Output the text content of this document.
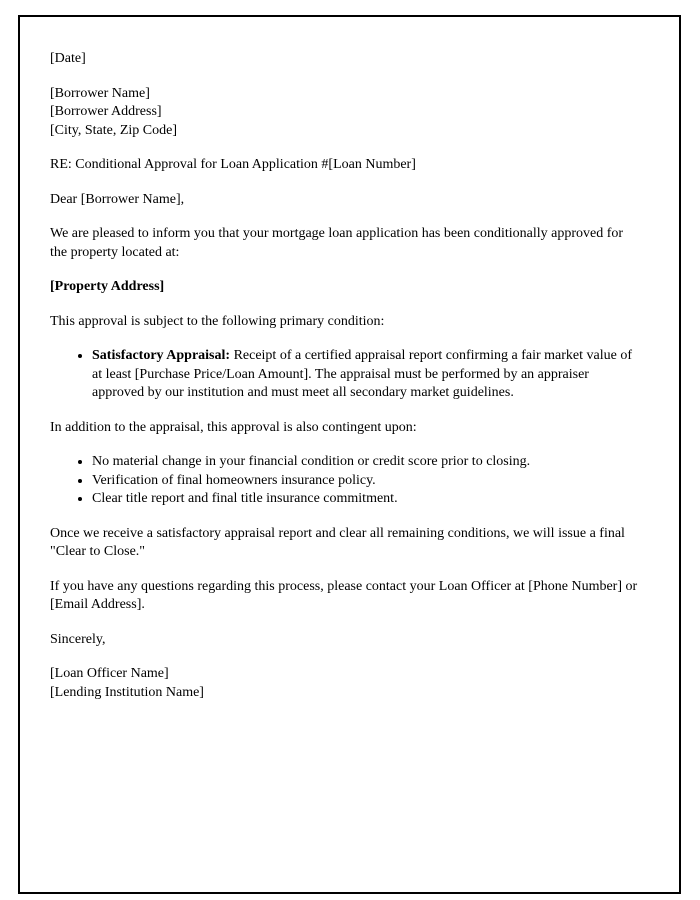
[Date]

[Borrower Name]

[Borrower Address]

[City, State, Zip Code]

RE: Conditional Approval for Loan Application #[Loan Number]

Dear [Borrower Name],

We are pleased to inform you that your mortgage loan application has been conditionally approved for the property located at:

[Property Address]

This approval is subject to the following primary condition:

• Satisfactory Appraisal: Receipt of a certified appraisal report confirming a fair market value of at least [Purchase Price/Loan Amount]. The appraisal must be performed by an appraiser approved by our institution and must meet all secondary market guidelines.

In addition to the appraisal, this approval is also contingent upon:

• No material change in your financial condition or credit score prior to closing.
• Verification of final homeowners insurance policy.
• Clear title report and final title insurance commitment.

Once we receive a satisfactory appraisal report and clear all remaining conditions, we will issue a final "Clear to Close."

If you have any questions regarding this process, please contact your Loan Officer at [Phone Number] or [Email Address].

Sincerely,

[Loan Officer Name]

[Lending Institution Name]
